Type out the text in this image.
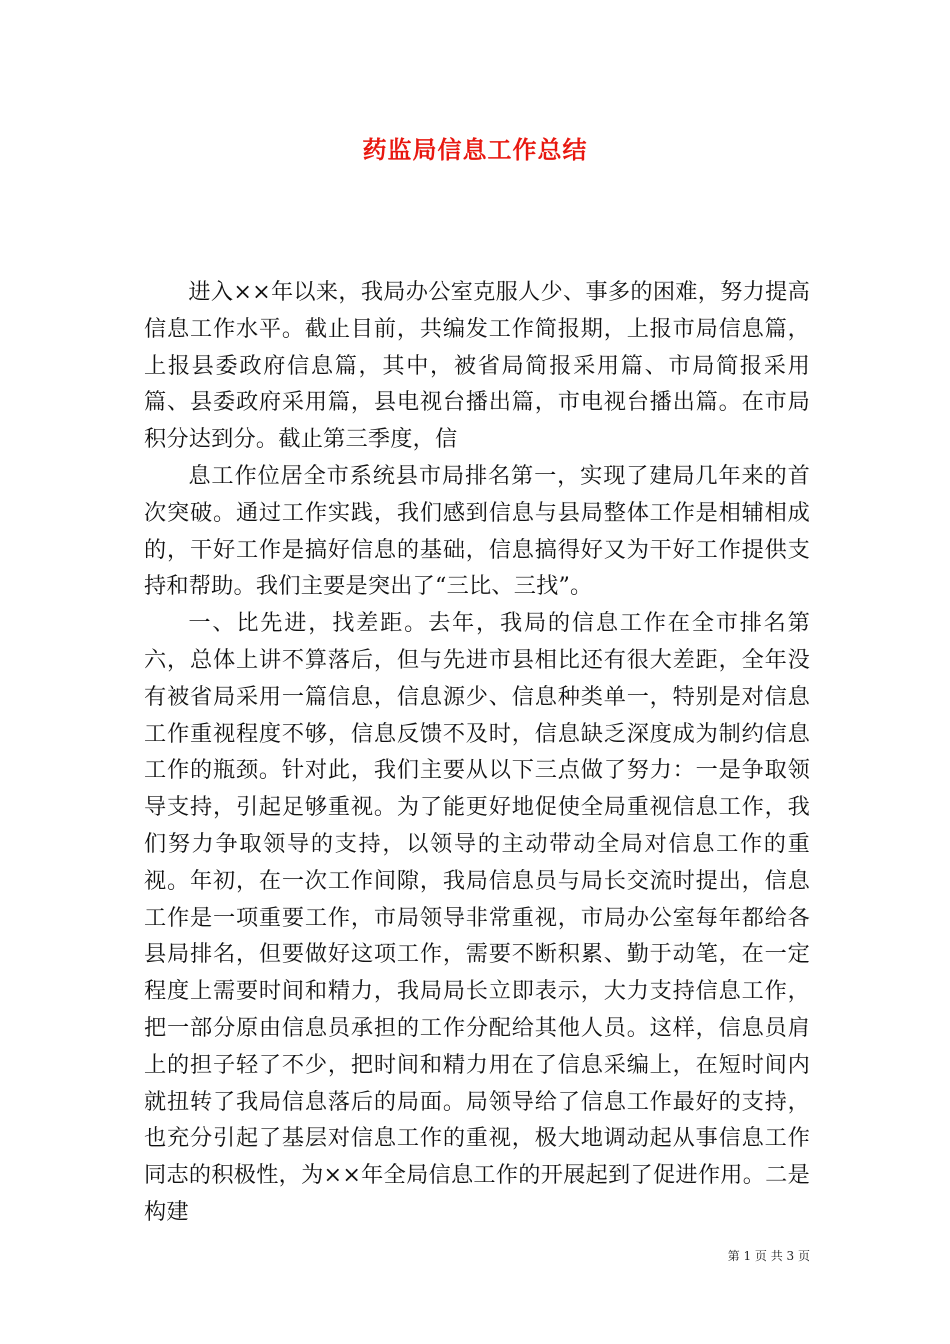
药监局信息工作总结

进入××年以来，我局办公室克服人少、事多的困难，努力提高信息工作水平。截止目前，共编发工作简报期，上报市局信息篇，上报县委政府信息篇，其中，被省局简报采用篇、市局简报采用篇、县委政府采用篇，县电视台播出篇，市电视台播出篇。在市局积分达到分。截止第三季度，信

息工作位居全市系统县市局排名第一，实现了建局几年来的首次突破。通过工作实践，我们感到信息与县局整体工作是相辅相成的，干好工作是搞好信息的基础，信息搞得好又为干好工作提供支持和帮助。我们主要是突出了“三比、三找”。

一、比先进，找差距。去年，我局的信息工作在全市排名第六，总体上讲不算落后，但与先进市县相比还有很大差距，全年没有被省局采用一篇信息，信息源少、信息种类单一，特别是对信息工作重视程度不够，信息反馈不及时，信息缺乏深度成为制约信息工作的瓶颈。针对此，我们主要从以下三点做了努力：一是争取领导支持，引起足够重视。为了能更好地促使全局重视信息工作，我们努力争取领导的支持，以领导的主动带动全局对信息工作的重视。年初，在一次工作间隙，我局信息员与局长交流时提出，信息工作是一项重要工作，市局领导非常重视，市局办公室每年都给各县局排名，但要做好这项工作，需要不断积累、勤于动笔，在一定程度上需要时间和精力，我局局长立即表示，大力支持信息工作，把一部分原由信息员承担的工作分配给其他人员。这样，信息员肩上的担子轻了不少，把时间和精力用在了信息采编上，在短时间内就扭转了我局信息落后的局面。局领导给了信息工作最好的支持，也充分引起了基层对信息工作的重视，极大地调动起从事信息工作同志的积极性，为××年全局信息工作的开展起到了促进作用。二是构建

第 1 页 共 3 页
